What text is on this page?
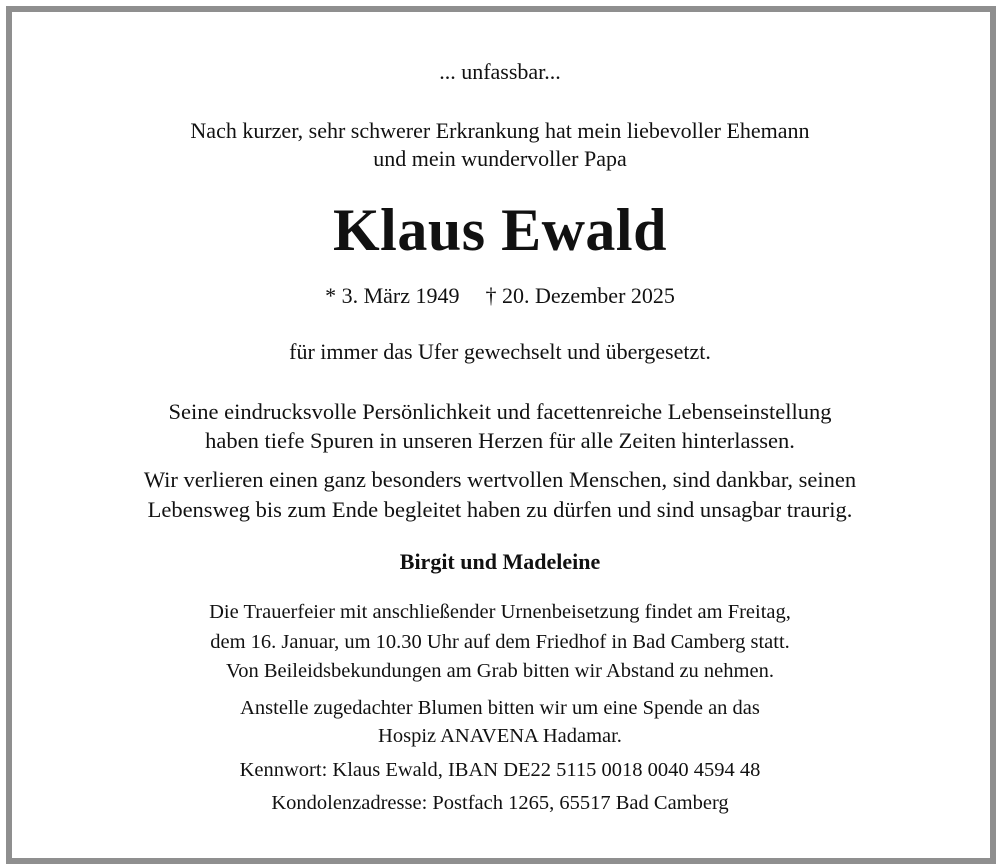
... unfassbar...
Nach kurzer, sehr schwerer Erkrankung hat mein liebevoller Ehemann
und mein wundervoller Papa
Klaus Ewald
* 3. März 1949 † 20. Dezember 2025
für immer das Ufer gewechselt und übergesetzt.
Seine eindrucksvolle Persönlichkeit und facettenreiche Lebenseinstellung
haben tiefe Spuren in unseren Herzen für alle Zeiten hinterlassen.
Wir verlieren einen ganz besonders wertvollen Menschen, sind dankbar, seinen
Lebensweg bis zum Ende begleitet haben zu dürfen und sind unsagbar traurig.
Birgit und Madeleine
Die Trauerfeier mit anschließender Urnenbeisetzung findet am Freitag,
dem 16. Januar, um 10.30 Uhr auf dem Friedhof in Bad Camberg statt.
Von Beileidsbekundungen am Grab bitten wir Abstand zu nehmen.
Anstelle zugedachter Blumen bitten wir um eine Spende an das
Hospiz ANAVENA Hadamar.
Kennwort: Klaus Ewald, IBAN DE22 5115 0018 0040 4594 48
Kondolenzadresse: Postfach 1265, 65517 Bad Camberg
